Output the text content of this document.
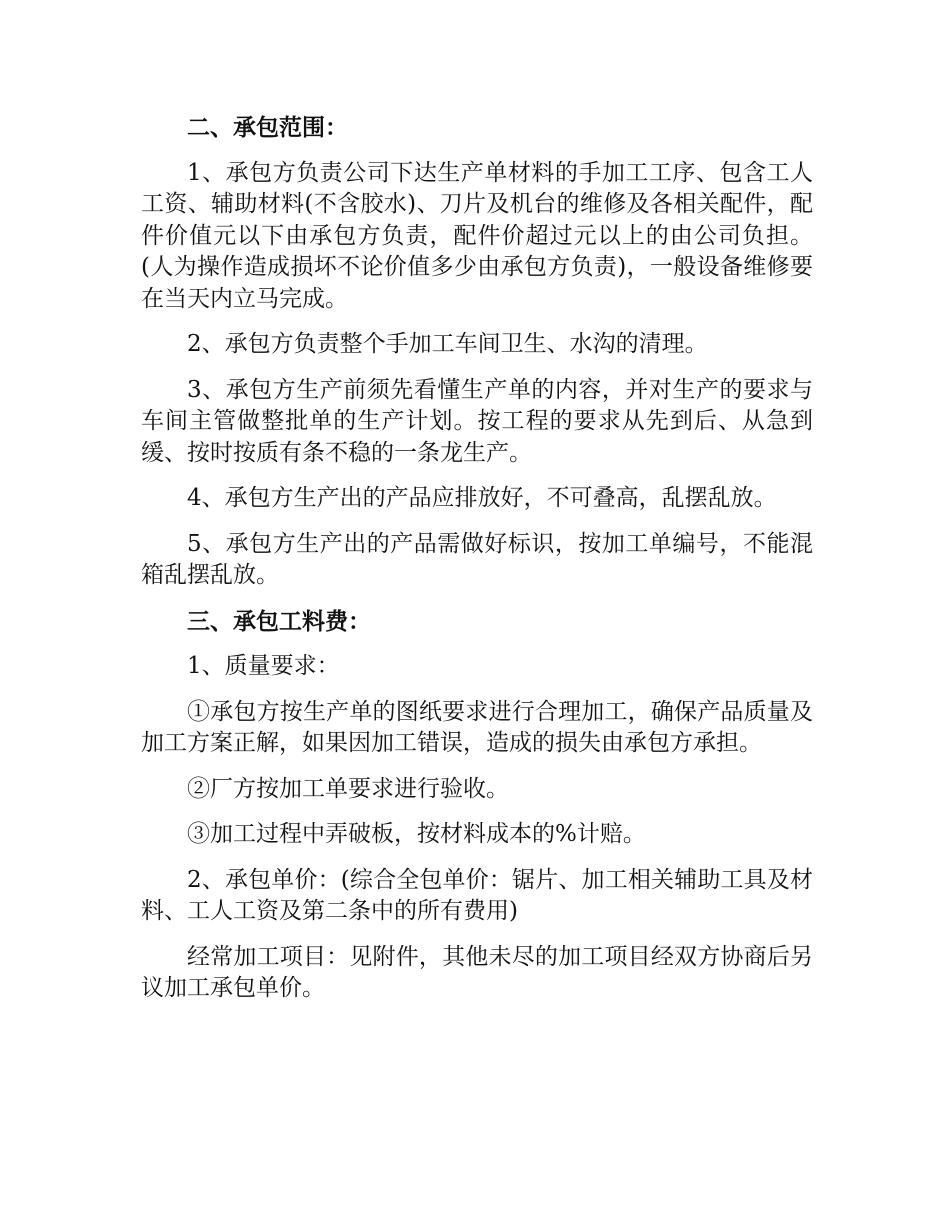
二、承包范围：

1、承包方负责公司下达生产单材料的手加工工序、包含工人工资、辅助材料(不含胶水)、刀片及机台的维修及各相关配件，配件价值元以下由承包方负责，配件价超过元以上的由公司负担。(人为操作造成损坏不论价值多少由承包方负责)，一般设备维修要在当天内立马完成。

2、承包方负责整个手加工车间卫生、水沟的清理。

3、承包方生产前须先看懂生产单的内容，并对生产的要求与车间主管做整批单的生产计划。按工程的要求从先到后、从急到缓、按时按质有条不稳的一条龙生产。

4、承包方生产出的产品应排放好，不可叠高，乱摆乱放。

5、承包方生产出的产品需做好标识，按加工单编号，不能混箱乱摆乱放。

三、承包工料费：

1、质量要求：

①承包方按生产单的图纸要求进行合理加工，确保产品质量及加工方案正解，如果因加工错误，造成的损失由承包方承担。

②厂方按加工单要求进行验收。

③加工过程中弄破板，按材料成本的%计赔。

2、承包单价：(综合全包单价：锯片、加工相关辅助工具及材料、工人工资及第二条中的所有费用)

经常加工项目：见附件，其他未尽的加工项目经双方协商后另议加工承包单价。
